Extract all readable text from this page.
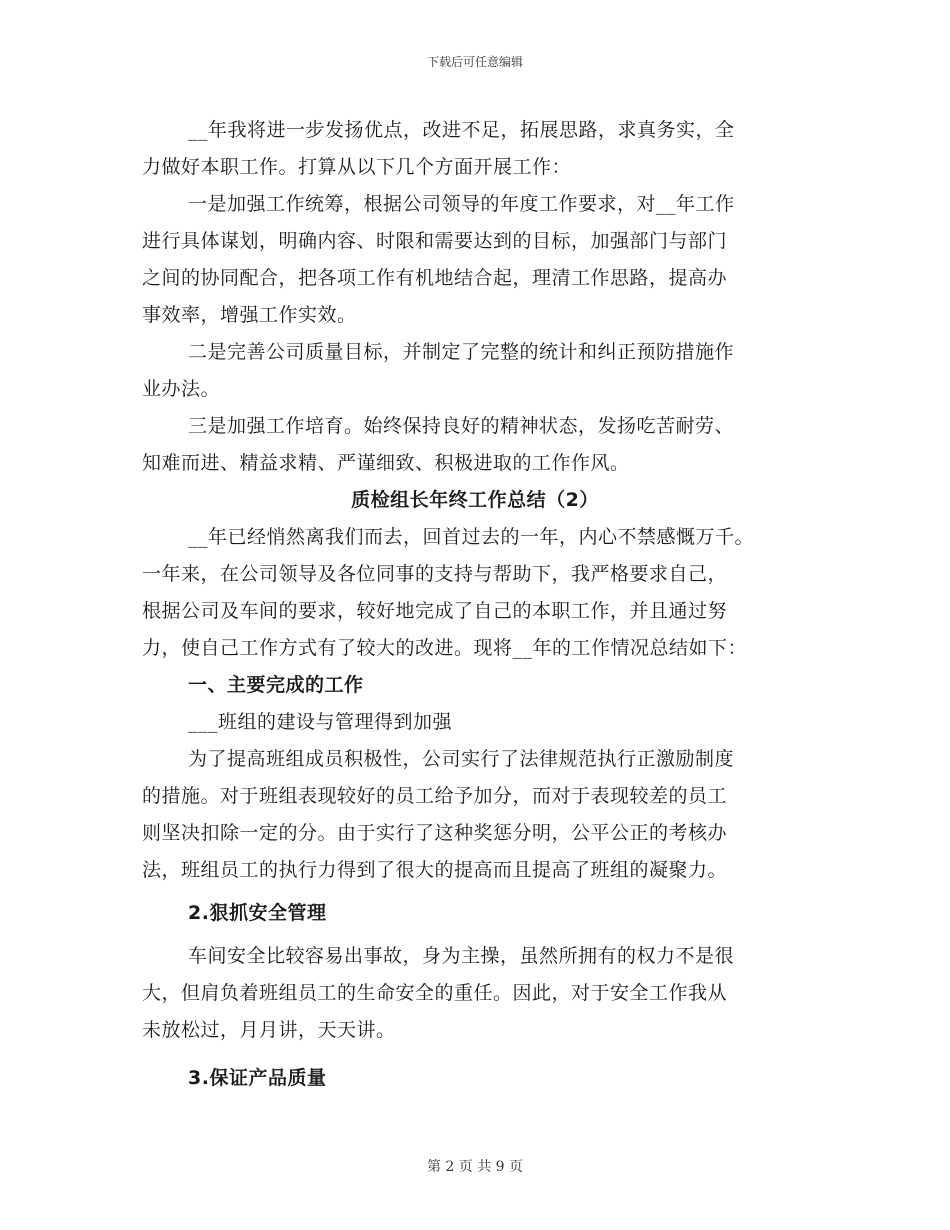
下载后可任意编辑
__年我将进一步发扬优点，改进不足，拓展思路，求真务实，全
力做好本职工作。打算从以下几个方面开展工作：
一是加强工作统筹，根据公司领导的年度工作要求，对__年工作
进行具体谋划，明确内容、时限和需要达到的目标，加强部门与部门
之间的协同配合，把各项工作有机地结合起，理清工作思路，提高办
事效率，增强工作实效。
二是完善公司质量目标，并制定了完整的统计和纠正预防措施作
业办法。
三是加强工作培育。始终保持良好的精神状态，发扬吃苦耐劳、
知难而进、精益求精、严谨细致、积极进取的工作作风。
质检组长年终工作总结（2）
__年已经悄然离我们而去，回首过去的一年，内心不禁感慨万千。
一年来，在公司领导及各位同事的支持与帮助下，我严格要求自己，
根据公司及车间的要求，较好地完成了自己的本职工作，并且通过努
力，使自己工作方式有了较大的改进。现将__年的工作情况总结如下：
一、主要完成的工作
___班组的建设与管理得到加强
为了提高班组成员积极性，公司实行了法律规范执行正激励制度
的措施。对于班组表现较好的员工给予加分，而对于表现较差的员工
则坚决扣除一定的分。由于实行了这种奖惩分明，公平公正的考核办
法，班组员工的执行力得到了很大的提高而且提高了班组的凝聚力。
2.狠抓安全管理
车间安全比较容易出事故，身为主操，虽然所拥有的权力不是很
大，但肩负着班组员工的生命安全的重任。因此，对于安全工作我从
未放松过，月月讲，天天讲。
3.保证产品质量
第 2 页 共 9 页
